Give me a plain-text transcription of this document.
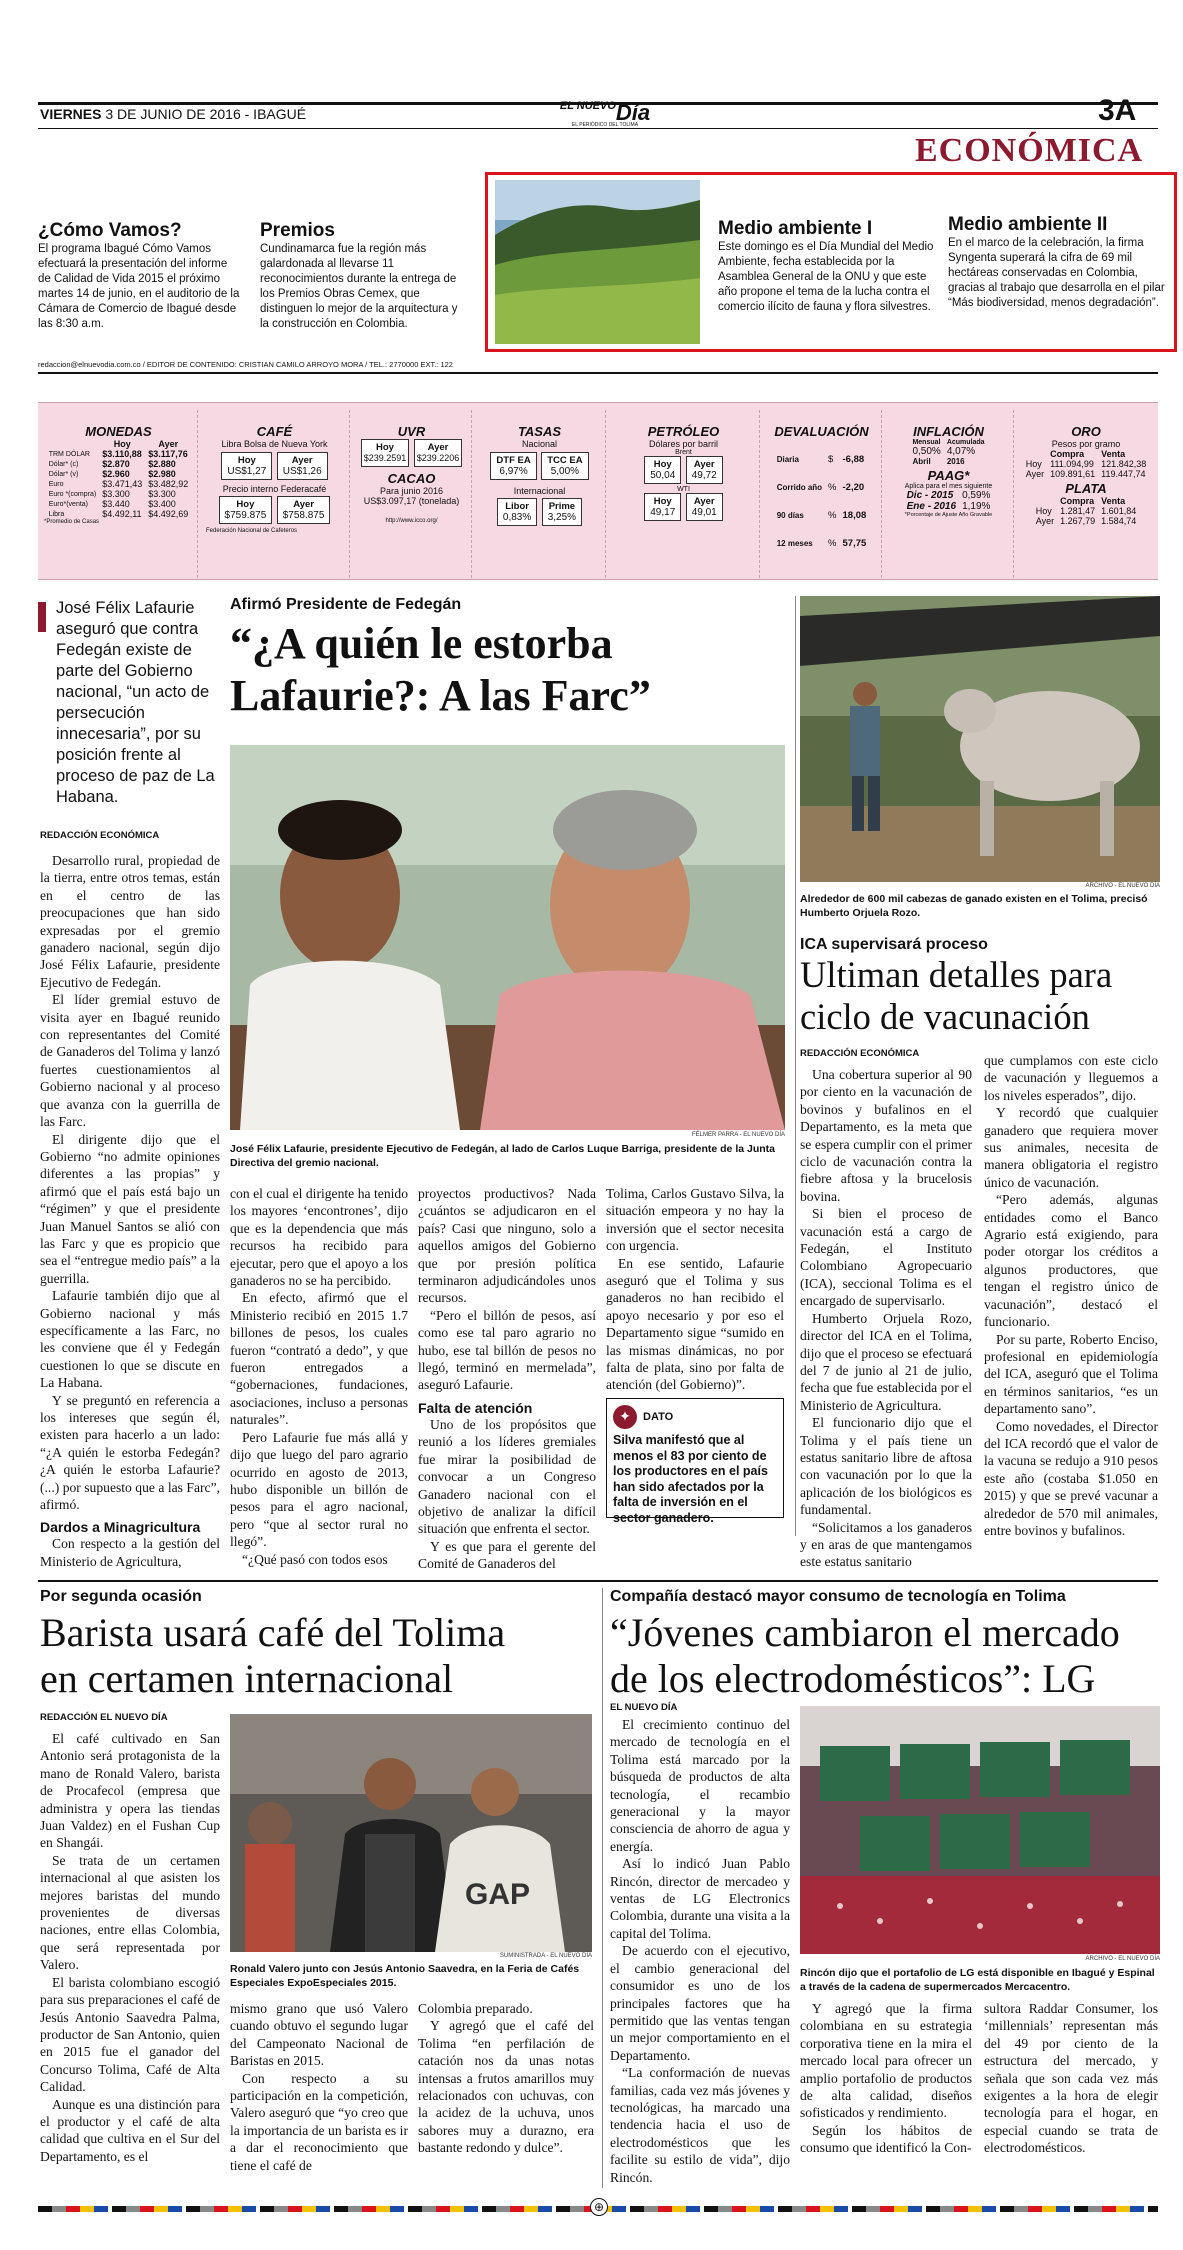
VIERNES 3 DE JUNIO DE 2016 - IBAGUÉ	$^{EL NUEVO}$Día
EL PERIÓDICO DEL TOLIMA	3A
ECONÓMICA
¿Cómo Vamos?
El programa Ibagué Cómo Vamos efectuará la presentación del informe de Calidad de Vida 2015 el próximo martes 14 de junio, en el auditorio de la Cámara de Comercio de Ibagué desde las 8:30 a.m.
Premios
Cundinamarca fue la región más galardonada al llevarse 11 reconocimientos durante la entrega de los Premios Obras Cemex, que distinguen lo mejor de la arquitectura y la construcción en Colombia.
Medio ambiente I
Este domingo es el Día Mundial del Medio Ambiente, fecha establecida por la Asamblea General de la ONU y que este año propone el tema de la lucha contra el comercio ilícito de fauna y flora silvestres.
Medio ambiente II
En el marco de la celebración, la firma Syngenta superará la cifra de 69 mil hectáreas conservadas en Colombia, gracias al trabajo que desarrolla en el pilar “Más biodiversidad, menos degradación”.
redaccion@elnuevodia.com.co / EDITOR DE CONTENIDO: CRISTIAN CAMILO ARROYO MORA / TEL.: 2770000 EXT.: 122
MONEDAS
	Hoy	Ayer
TRM DÓLAR	$3.110,88	$3.117,76
Dólar* (c)	$2.870	$2.880
Dólar* (v)	$2.960	$2.980
Euro	$3.471,43	$3.482,92
Euro *(compra)	$3.300	$3.300
Euro*(venta)	$3.440	$3.400
Libra	$4.492,11	$4.492,69
*Promedio de Casas
CAFÉ
Libra Bolsa de Nueva York
Hoy
US$1,27
Ayer
US$1,26
Precio interno Federacafé
Hoy
$759.875
Ayer
$758.875
Federación Nacional de Cafeteros
UVR
Hoy
$239.2591
Ayer
$239.2206
CACAO
Para junio 2016
US$3.097,17 (tonelada)
http://www.icco.org/
TASAS
Nacional
DTF EA
6,97%
TCC EA
5,00%
Internacional
Libor
0,83%
Prime
3,25%
PETRÓLEO
Dólares por barril
Brent
Hoy
50,04
Ayer
49,72
WTI
Hoy
49,17
Ayer
49,01
DEVALUACIÓN
Diaria	$	-6,88
Corrido año	%	-2,20
90 días	%	18,08
12 meses	%	57,75
INFLACIÓN
Mensual	Acumulada
0,50%	4,07%
Abril	2016
PAAG*
Aplica para el mes siguiente
Dic - 2015	0,59%
Ene - 2016	1,19%
*Porcentaje de Ajuste Año Gravable
ORO
Pesos por gramo
	Compra	Venta
Hoy	111.094,99	121.842,38
Ayer	109.891,61	119.447,74
PLATA
	Compra	Venta
Hoy	1.281,47	1.601,84
Ayer	1.267,79	1.584,74
José Félix Lafaurie aseguró que contra Fedegán existe de parte del Gobierno nacional, “un acto de persecución innecesaria”, por su posición frente al proceso de paz de La Habana.
Afirmó Presidente de Fedegán
“¿A quién le estorba
Lafaurie?: A las Farc”
FÉLMER PARRA - EL NUEVO DÍA
José Félix Lafaurie, presidente Ejecutivo de Fedegán, al lado de Carlos Luque Barriga, presidente de la Junta Directiva del gremio nacional.
REDACCIÓN ECONÓMICA

Desarrollo rural, propiedad de la tierra, entre otros temas, están en el centro de las preocupaciones que han sido expresadas por el gremio ganadero nacional, según dijo José Félix Lafaurie, presidente Ejecutivo de Fedegán.

El líder gremial estuvo de visita ayer en Ibagué reunido con representantes del Comité de Ganaderos del Tolima y lanzó fuertes cuestionamientos al Gobierno nacional y al proceso que avanza con la guerrilla de las Farc.

El dirigente dijo que el Gobierno “no admite opiniones diferentes a las propias” y afirmó que el país está bajo un “régimen” y que el presidente Juan Manuel Santos se alió con las Farc y que es propicio que sea el “entregue medio país” a la guerrilla.

Lafaurie también dijo que al Gobierno nacional y más específicamente a las Farc, no les conviene que él y Fedegán cuestionen lo que se discute en La Habana.

Y se preguntó en referencia a los intereses que según él, existen para hacerlo a un lado: “¿A quién le estorba Fedegán? ¿A quién le estorba Lafaurie? (...) por supuesto que a las Farc”, afirmó.

Dardos a Minagricultura

Con respecto a la gestión del Ministerio de Agricultura,

con el cual el dirigente ha tenido los mayores ‘encontrones’, dijo que es la dependencia que más recursos ha recibido para ejecutar, pero que el apoyo a los ganaderos no se ha percibido.

En efecto, afirmó que el Ministerio recibió en 2015 1.7 billones de pesos, los cuales fueron “contrató a dedo”, y que fueron entregados a “gobernaciones, fundaciones, asociaciones, incluso a personas naturales”.

Pero Lafaurie fue más allá y dijo que luego del paro agrario ocurrido en agosto de 2013, hubo disponible un billón de pesos para el agro nacional, pero “que al sector rural no llegó”.

“¿Qué pasó con todos esos

proyectos productivos? Nada ¿cuántos se adjudicaron en el país? Casi que ninguno, solo a aquellos amigos del Gobierno que por presión política terminaron adjudicándoles unos recursos.

“Pero el billón de pesos, así como ese tal paro agrario no hubo, ese tal billón de pesos no llegó, terminó en mermelada”, aseguró Lafaurie.

Falta de atención

Uno de los propósitos que reunió a los líderes gremiales fue mirar la posibilidad de convocar a un Congreso Ganadero nacional con el objetivo de analizar la difícil situación que enfrenta el sector.

Y es que para el gerente del Comité de Ganaderos del

Tolima, Carlos Gustavo Silva, la situación empeora y no hay la inversión que el sector necesita con urgencia.

En ese sentido, Lafaurie aseguró que el Tolima y sus ganaderos no han recibido el apoyo necesario y por eso el Departamento sigue “sumido en las mismas dinámicas, no por falta de plata, sino por falta de atención (del Gobierno)”.

✦	DATO
Silva manifestó que al menos el 83 por ciento de los productores en el país han sido afectados por la falta de inversión en el sector ganadero.
ARCHIVO - EL NUEVO DÍA
Alrededor de 600 mil cabezas de ganado existen en el Tolima, precisó Humberto Orjuela Rozo.
ICA supervisará proceso
Ultiman detalles para
ciclo de vacunación
REDACCIÓN ECONÓMICA

Una cobertura superior al 90 por ciento en la vacunación de bovinos y bufalinos en el Departamento, es la meta que se espera cumplir con el primer ciclo de vacunación contra la fiebre aftosa y la brucelosis bovina.

Si bien el proceso de vacunación está a cargo de Fedegán, el Instituto Colombiano Agropecuario (ICA), seccional Tolima es el encargado de supervisarlo.

Humberto Orjuela Rozo, director del ICA en el Tolima, dijo que el proceso se efectuará del 7 de junio al 21 de julio, fecha que fue establecida por el Ministerio de Agricultura.

El funcionario dijo que el Tolima y el país tiene un estatus sanitario libre de aftosa con vacunación por lo que la aplicación de los biológicos es fundamental.

“Solicitamos a los ganaderos y en aras de que mantengamos este estatus sanitario

que cumplamos con este ciclo de vacunación y lleguemos a los niveles esperados”, dijo.

Y recordó que cualquier ganadero que requiera mover sus animales, necesita de manera obligatoria el registro único de vacunación.

“Pero además, algunas entidades como el Banco Agrario está exigiendo, para poder otorgar los créditos a algunos productores, que tengan el registro único de vacunación”, destacó el funcionario.

Por su parte, Roberto Enciso, profesional en epidemiología del ICA, aseguró que el Tolima en términos sanitarios, “es un departamento sano”.

Como novedades, el Director del ICA recordó que el valor de la vacuna se redujo a 910 pesos este año (costaba $1.050 en 2015) y que se prevé vacunar a alrededor de 570 mil animales, entre bovinos y bufalinos.

Por segunda ocasión
Barista usará café del Tolima
en certamen internacional
REDACCIÓN EL NUEVO DÍA

El café cultivado en San Antonio será protagonista de la mano de Ronald Valero, barista de Procafecol (empresa que administra y opera las tiendas Juan Valdez) en el Fushan Cup en Shangái.

Se trata de un certamen internacional al que asisten los mejores baristas del mundo provenientes de diversas naciones, entre ellas Colombia, que será representada por Valero.

El barista colombiano escogió para sus preparaciones el café de Jesús Antonio Saavedra Palma, productor de San Antonio, quien en 2015 fue el ganador del Concurso Tolima, Café de Alta Calidad.

Aunque es una distinción para el productor y el café de alta calidad que cultiva en el Sur del Departamento, es el

GAP
SUMINISTRADA - EL NUEVO DÍA
Ronald Valero junto con Jesús Antonio Saavedra, en la Feria de Cafés Especiales ExpoEspeciales 2015.

mismo grano que usó Valero cuando obtuvo el segundo lugar del Campeonato Nacional de Baristas en 2015.

Con respecto a su participación en la competición, Valero aseguró que “yo creo que la importancia de un barista es ir a dar el reconocimiento que tiene el café de

Colombia preparado.

Y agregó que el café del Tolima “en perfilación de catación nos da unas notas intensas a frutos amarillos muy relacionados con uchuvas, con la acidez de la uchuva, unos sabores muy a durazno, era bastante redondo y dulce”.

Compañía destacó mayor consumo de tecnología en Tolima
“Jóvenes cambiaron el mercado
de los electrodomésticos”: LG
EL NUEVO DÍA

El crecimiento continuo del mercado de tecnología en el Tolima está marcado por la búsqueda de productos de alta tecnología, el recambio generacional y la mayor consciencia de ahorro de agua y energía.

Así lo indicó Juan Pablo Rincón, director de mercadeo y ventas de LG Electronics Colombia, durante una visita a la capital del Tolima.

De acuerdo con el ejecutivo, el cambio generacional del consumidor es uno de los principales factores que ha permitido que las ventas tengan un mejor comportamiento en el Departamento.

“La conformación de nuevas familias, cada vez más jóvenes y tecnológicas, ha marcado una tendencia hacia el uso de electrodomésticos que les facilite su estilo de vida”, dijo Rincón.

ARCHIVO - EL NUEVO DÍA
Rincón dijo que el portafolio de LG está disponible en Ibagué y Espinal a través de la cadena de supermercados Mercacentro.

Y agregó que la firma colombiana en su estrategia corporativa tiene en la mira el mercado local para ofrecer un amplio portafolio de productos de alta calidad, diseños sofisticados y rendimiento.

Según los hábitos de consumo que identificó la Con-

sultora Raddar Consumer, los ‘millennials’ representan más del 49 por ciento de la estructura del mercado, y señala que son cada vez más exigentes a la hora de elegir tecnología para el hogar, en especial cuando se trata de electrodomésticos.

⊕
